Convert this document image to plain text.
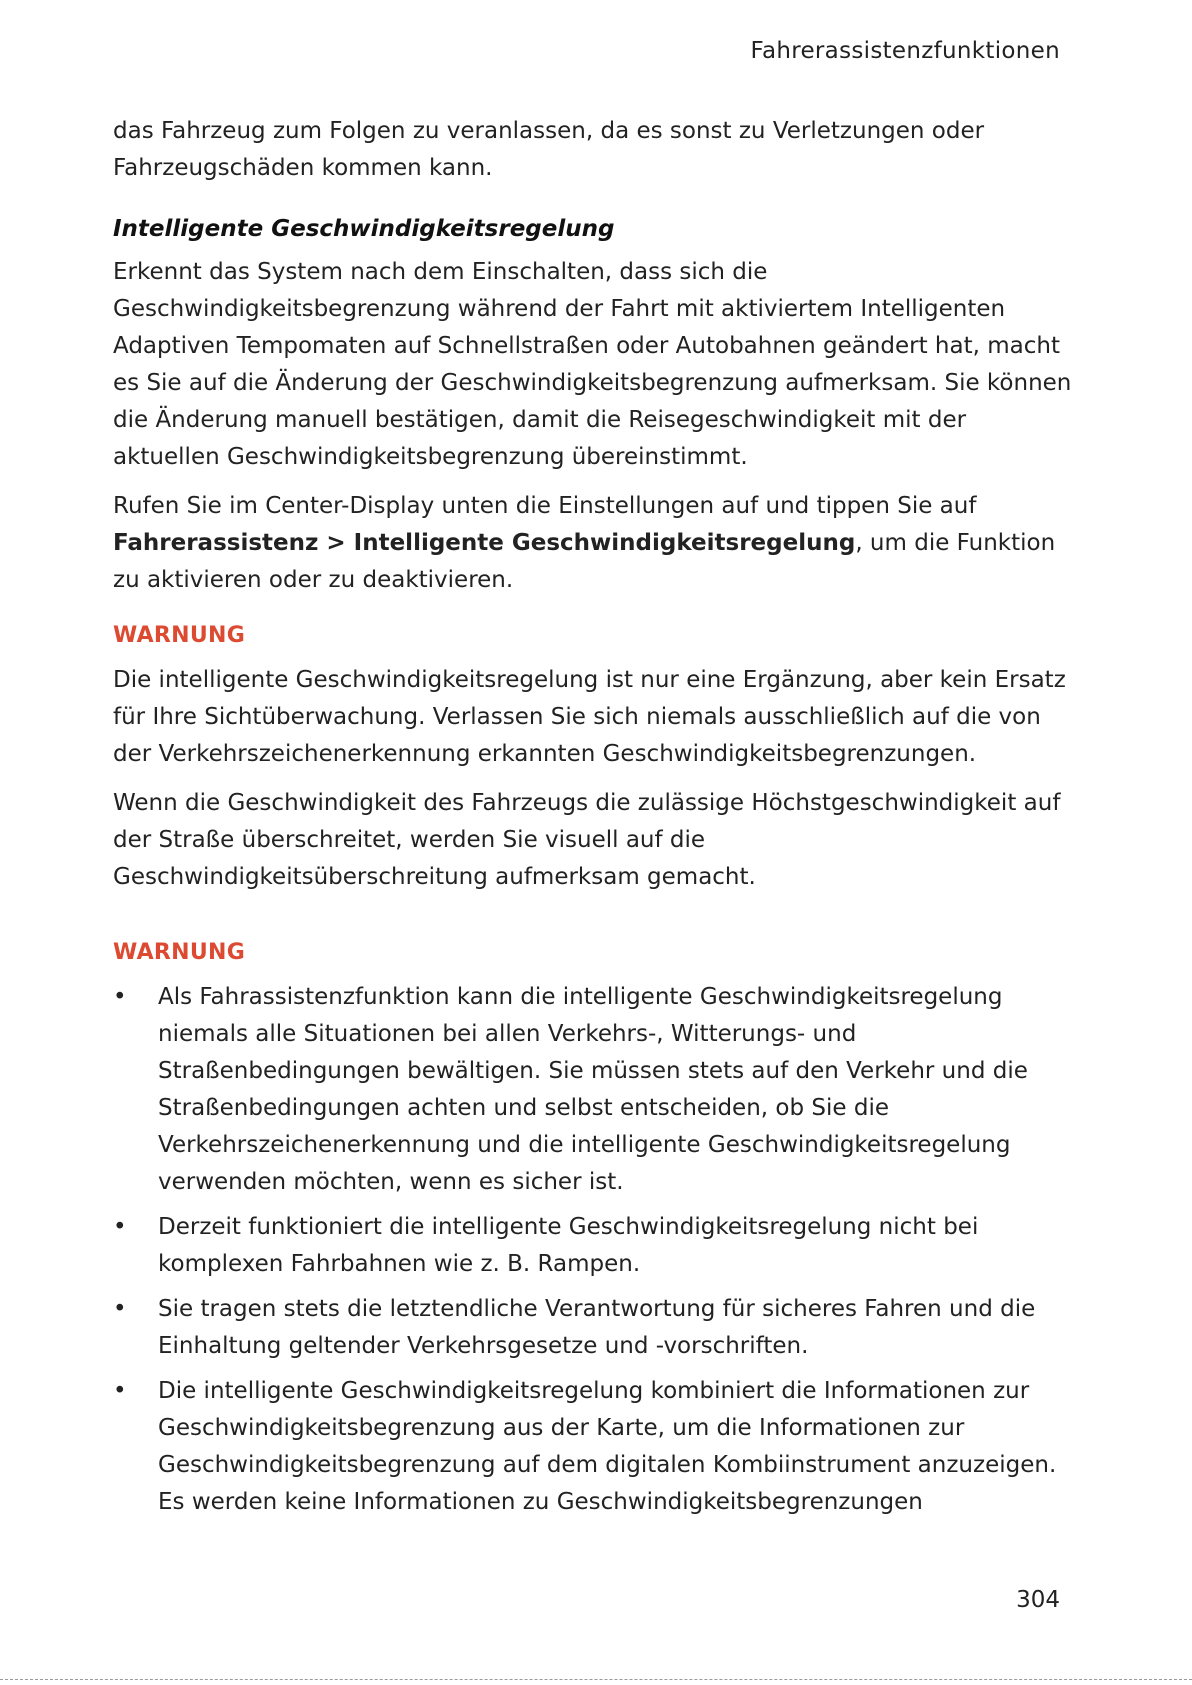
Fahrerassistenzfunktionen

das Fahrzeug zum Folgen zu veranlassen, da es sonst zu Verletzungen oder Fahrzeugschäden kommen kann.

Intelligente Geschwindigkeitsregelung

Erkennt das System nach dem Einschalten, dass sich die Geschwindigkeitsbegrenzung während der Fahrt mit aktiviertem Intelligenten Adaptiven Tempomaten auf Schnellstraßen oder Autobahnen geändert hat, macht es Sie auf die Änderung der Geschwindigkeitsbegrenzung aufmerksam. Sie können die Änderung manuell bestätigen, damit die Reisegeschwindigkeit mit der aktuellen Geschwindigkeitsbegrenzung übereinstimmt.

Rufen Sie im Center-Display unten die Einstellungen auf und tippen Sie auf Fahrerassistenz > Intelligente Geschwindigkeitsregelung, um die Funktion zu aktivieren oder zu deaktivieren.

WARNUNG

Die intelligente Geschwindigkeitsregelung ist nur eine Ergänzung, aber kein Ersatz für Ihre Sichtüberwachung. Verlassen Sie sich niemals ausschließlich auf die von der Verkehrszeichenerkennung erkannten Geschwindigkeitsbegrenzungen.

Wenn die Geschwindigkeit des Fahrzeugs die zulässige Höchstgeschwindigkeit auf der Straße überschreitet, werden Sie visuell auf die Geschwindigkeitsüberschreitung aufmerksam gemacht.

WARNUNG
• Als Fahrassistenzfunktion kann die intelligente Geschwindigkeitsregelung niemals alle Situationen bei allen Verkehrs-, Witterungs- und Straßenbedingungen bewältigen. Sie müssen stets auf den Verkehr und die Straßenbedingungen achten und selbst entscheiden, ob Sie die Verkehrszeichenerkennung und die intelligente Geschwindigkeitsregelung verwenden möchten, wenn es sicher ist.
• Derzeit funktioniert die intelligente Geschwindigkeitsregelung nicht bei komplexen Fahrbahnen wie z. B. Rampen.
• Sie tragen stets die letztendliche Verantwortung für sicheres Fahren und die Einhaltung geltender Verkehrsgesetze und -vorschriften.
• Die intelligente Geschwindigkeitsregelung kombiniert die Informationen zur Geschwindigkeitsbegrenzung aus der Karte, um die Informationen zur Geschwindigkeitsbegrenzung auf dem digitalen Kombiinstrument anzuzeigen. Es werden keine Informationen zu Geschwindigkeitsbegrenzungen
304
